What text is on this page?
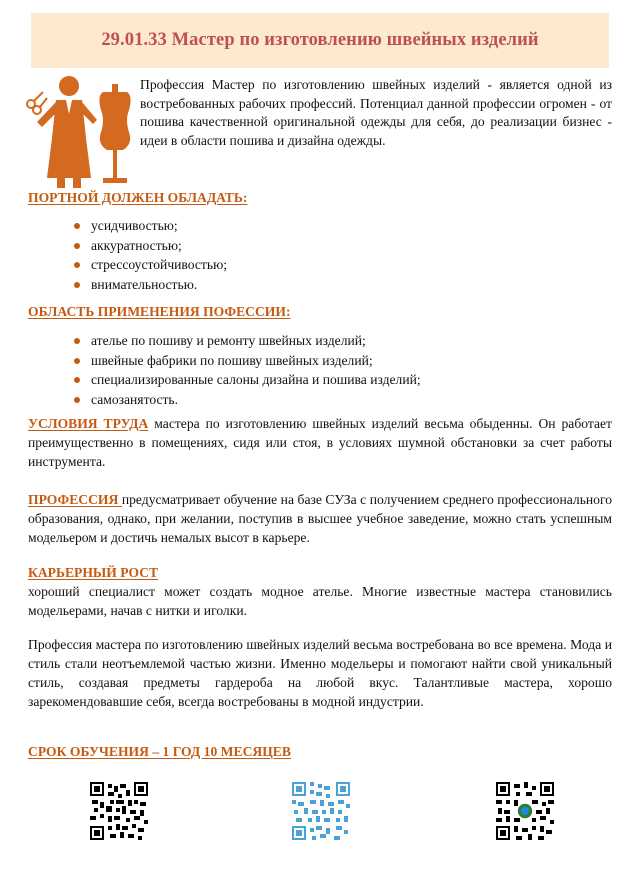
29.01.33 Мастер по изготовлению швейных изделий

Профессия Мастер по изготовлению швейных изделий - является одной из востребованных рабочих профессий. Потенциал данной профессии огромен - от пошива качественной оригинальной одежды для себя, до реализации бизнес - идеи в области пошива и дизайна одежды.

ПОРТНОЙ ДОЛЖЕН ОБЛАДАТЬ:
усидчивостью;
аккуратностью;
стрессоустойчивостью;
внимательностью.
ОБЛАСТЬ ПРИМЕНЕНИЯ ПОФЕССИИ:
ателье по пошиву и ремонту швейных изделий;
швейные фабрики по пошиву швейных изделий;
специализированные салоны дизайна и пошива изделий;
самозанятость.

УСЛОВИЯ ТРУДА мастера по изготовлению швейных изделий весьма обыденны. Он работает преимущественно в помещениях, сидя или стоя, в условиях шумной обстановки за счет работы инструмента.

ПРОФЕССИЯ предусматривает обучение на базе СУЗа с получением среднего профессионального образования, однако, при желании, поступив в высшее учебное заведение, можно стать успешным модельером и достичь немалых высот в карьере.

КАРЬЕРНЫЙ РОСТ
хороший специалист может создать модное ателье. Многие известные мастера становились модельерами, начав с нитки и иголки.

Профессия мастера по изготовлению швейных изделий весьма востребована во все времена. Мода и стиль стали неотъемлемой частью жизни. Именно модельеры и помогают найти свой уникальный стиль, создавая предметы гардероба на любой вкус. Талантливые мастера, хорошо зарекомендовавшие себя, всегда востребованы в модной индустрии.

СРОК ОБУЧЕНИЯ – 1 ГОД 10 МЕСЯЦЕВ
